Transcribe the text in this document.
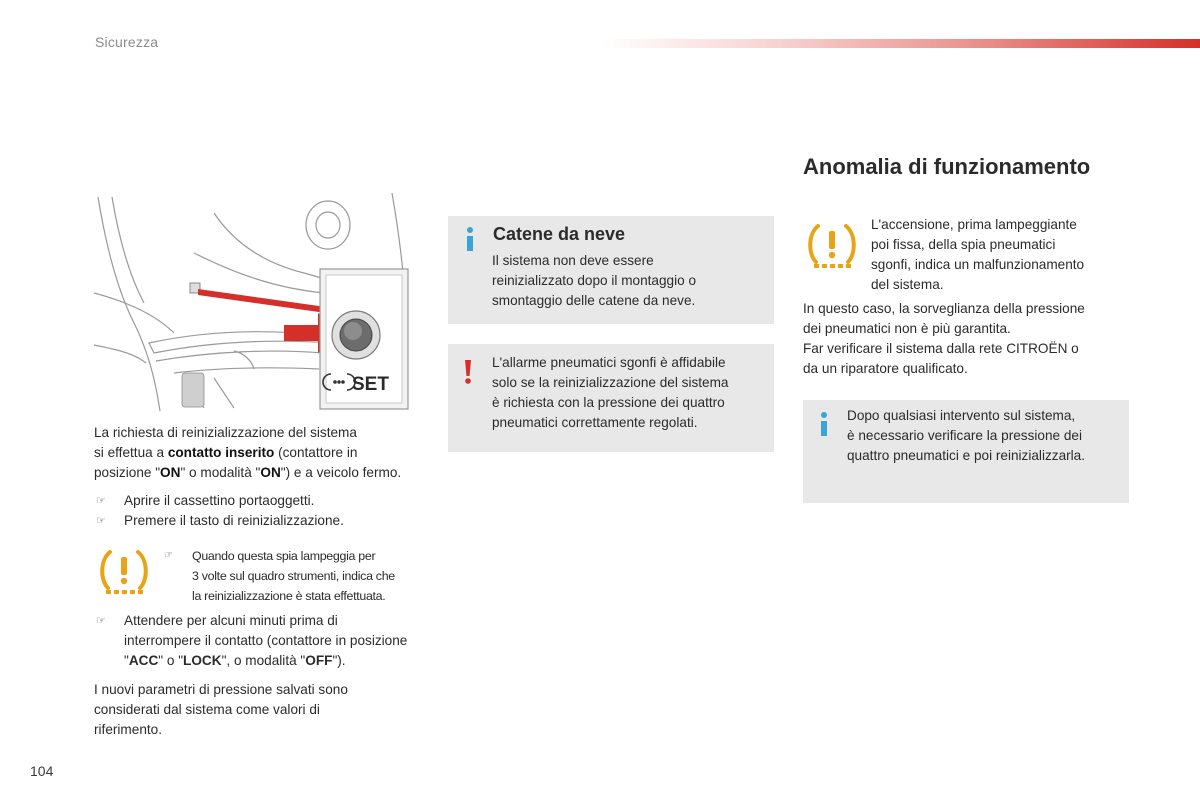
Sicurezza
SET
La richiesta di reinizializzazione del sistema
si effettua a contatto inserito (contattore in
posizione "ON" o modalità "ON") e a veicolo fermo.
☞ Aprire il cassettino portaoggetti.
☞ Premere il tasto di reinizializzazione.
☞ Quando questa spia lampeggia per
3 volte sul quadro strumenti, indica che
la reinizializzazione è stata effettuata.
☞ Attendere per alcuni minuti prima di
interrompere il contatto (contattore in posizione
"ACC" o "LOCK", o modalità "OFF").
I nuovi parametri di pressione salvati sono
considerati dal sistema come valori di
riferimento.
Catene da neve
Il sistema non deve essere
reinizializzato dopo il montaggio o
smontaggio delle catene da neve.
L'allarme pneumatici sgonfi è affidabile
solo se la reinizializzazione del sistema
è richiesta con la pressione dei quattro
pneumatici correttamente regolati.
Anomalia di funzionamento
L'accensione, prima lampeggiante
poi fissa, della spia pneumatici
sgonfi, indica un malfunzionamento
del sistema.
In questo caso, la sorveglianza della pressione
dei pneumatici non è più garantita.
Far verificare il sistema dalla rete CITROËN o
da un riparatore qualificato.
Dopo qualsiasi intervento sul sistema,
è necessario verificare la pressione dei
quattro pneumatici e poi reinizializzarla.
104
